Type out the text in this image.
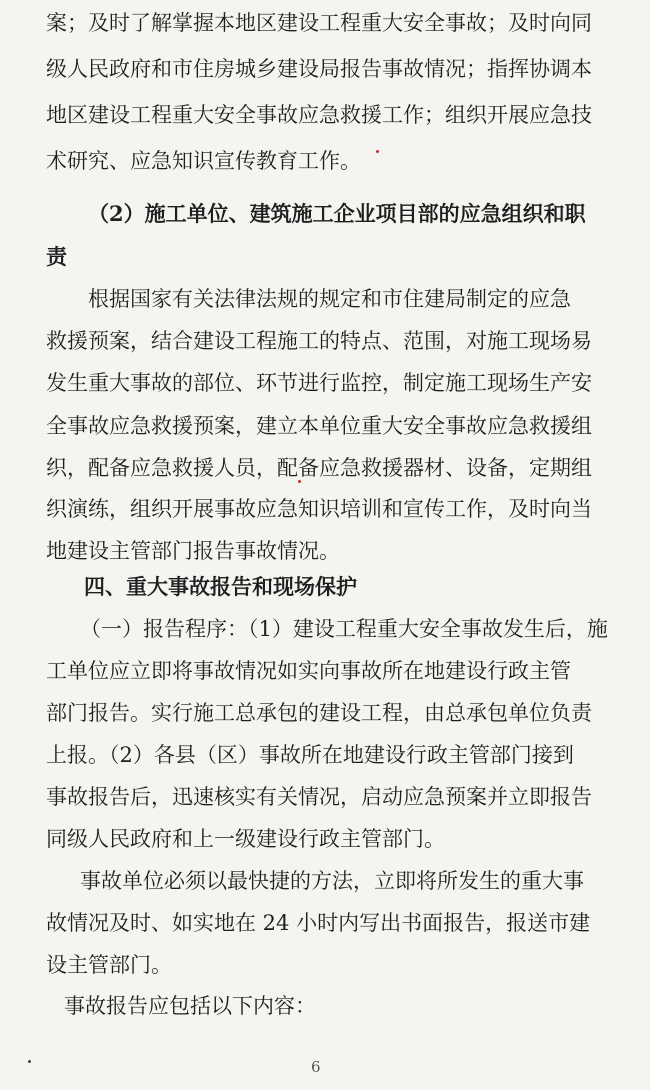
案；及时了解掌握本地区建设工程重大安全事故；及时向同
级人民政府和市住房城乡建设局报告事故情况；指挥协调本
地区建设工程重大安全事故应急救援工作；组织开展应急技
术研究、应急知识宣传教育工作。
（2）施工单位、建筑施工企业项目部的应急组织和职
责
根据国家有关法律法规的规定和市住建局制定的应急
救援预案，结合建设工程施工的特点、范围，对施工现场易
发生重大事故的部位、环节进行监控，制定施工现场生产安
全事故应急救援预案，建立本单位重大安全事故应急救援组
织，配备应急救援人员，配备应急救援器材、设备，定期组
织演练，组织开展事故应急知识培训和宣传工作，及时向当
地建设主管部门报告事故情况。
四、重大事故报告和现场保护
（一）报告程序：（1）建设工程重大安全事故发生后，施
工单位应立即将事故情况如实向事故所在地建设行政主管
部门报告。实行施工总承包的建设工程，由总承包单位负责
上报。（2）各县（区）事故所在地建设行政主管部门接到
事故报告后，迅速核实有关情况，启动应急预案并立即报告
同级人民政府和上一级建设行政主管部门。
事故单位必须以最快捷的方法，立即将所发生的重大事
故情况及时、如实地在 24 小时内写出书面报告，报送市建
设主管部门。
事故报告应包括以下内容：
6
